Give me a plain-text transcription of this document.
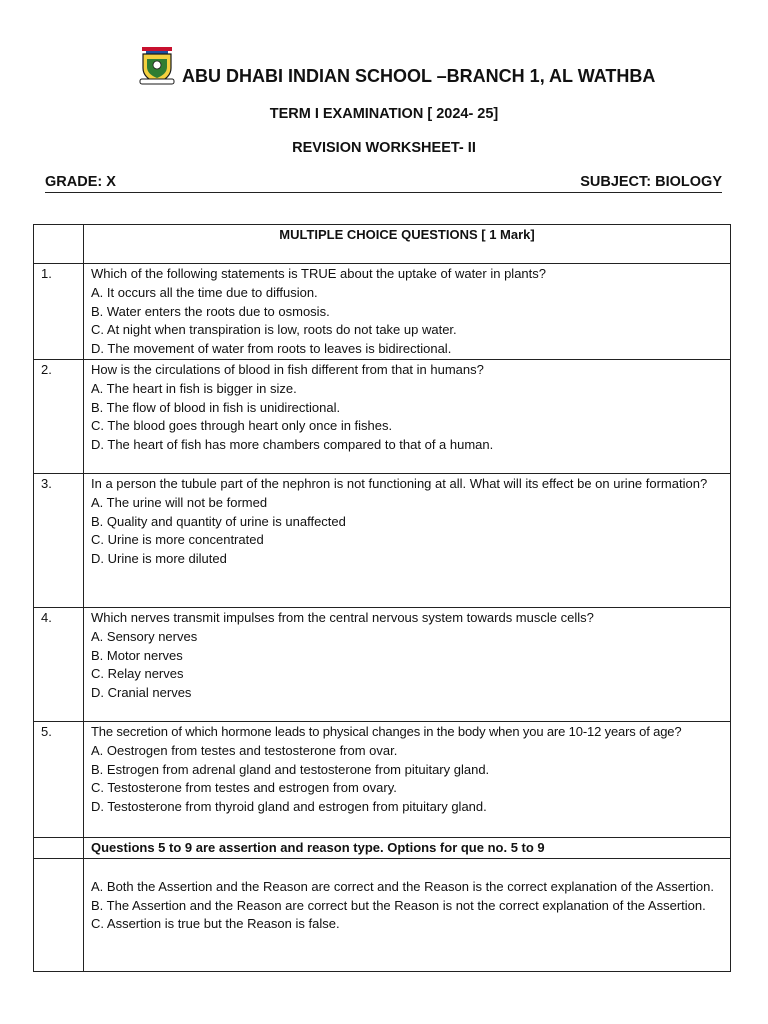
ABU DHABI INDIAN SCHOOL –BRANCH 1, AL WATHBA
TERM I EXAMINATION [ 2024- 25]
REVISION WORKSHEET- II
GRADE: X	SUBJECT: BIOLOGY
	MULTIPLE CHOICE QUESTIONS [ 1 Mark]
1.	Which of the following statements is TRUE about the uptake of water in plants?

A. It occurs all the time due to diffusion.

B. Water enters the roots due to osmosis.

C. At night when transpiration is low, roots do not take up water.

D. The movement of water from roots to leaves is bidirectional.

2.	How is the circulations of blood in fish different from that in humans?

A. The heart in fish is bigger in size.

B. The flow of blood in fish is unidirectional.

C. The blood goes through heart only once in fishes.

D. The heart of fish has more chambers compared to that of a human.

3.	In a person the tubule part of the nephron is not functioning at all. What will its effect be on urine formation?

A. The urine will not be formed

B. Quality and quantity of urine is unaffected

C. Urine is more concentrated

D. Urine is more diluted

4.	Which nerves transmit impulses from the central nervous system towards muscle cells?

A. Sensory nerves

B. Motor nerves

C. Relay nerves

D. Cranial nerves

5.	The secretion of which hormone leads to physical changes in the body when you are 10-12 years of age?

A. Oestrogen from testes and testosterone from ovar.

B. Estrogen from adrenal gland and testosterone from pituitary gland.

C. Testosterone from testes and estrogen from ovary.

D. Testosterone from thyroid gland and estrogen from pituitary gland.

	Questions 5 to 9 are assertion and reason type. Options for que no. 5 to 9

	A. Both the Assertion and the Reason are correct and the Reason is the correct explanation of the Assertion.

B. The Assertion and the Reason are correct but the Reason is not the correct explanation of the Assertion.

C. Assertion is true but the Reason is false.
